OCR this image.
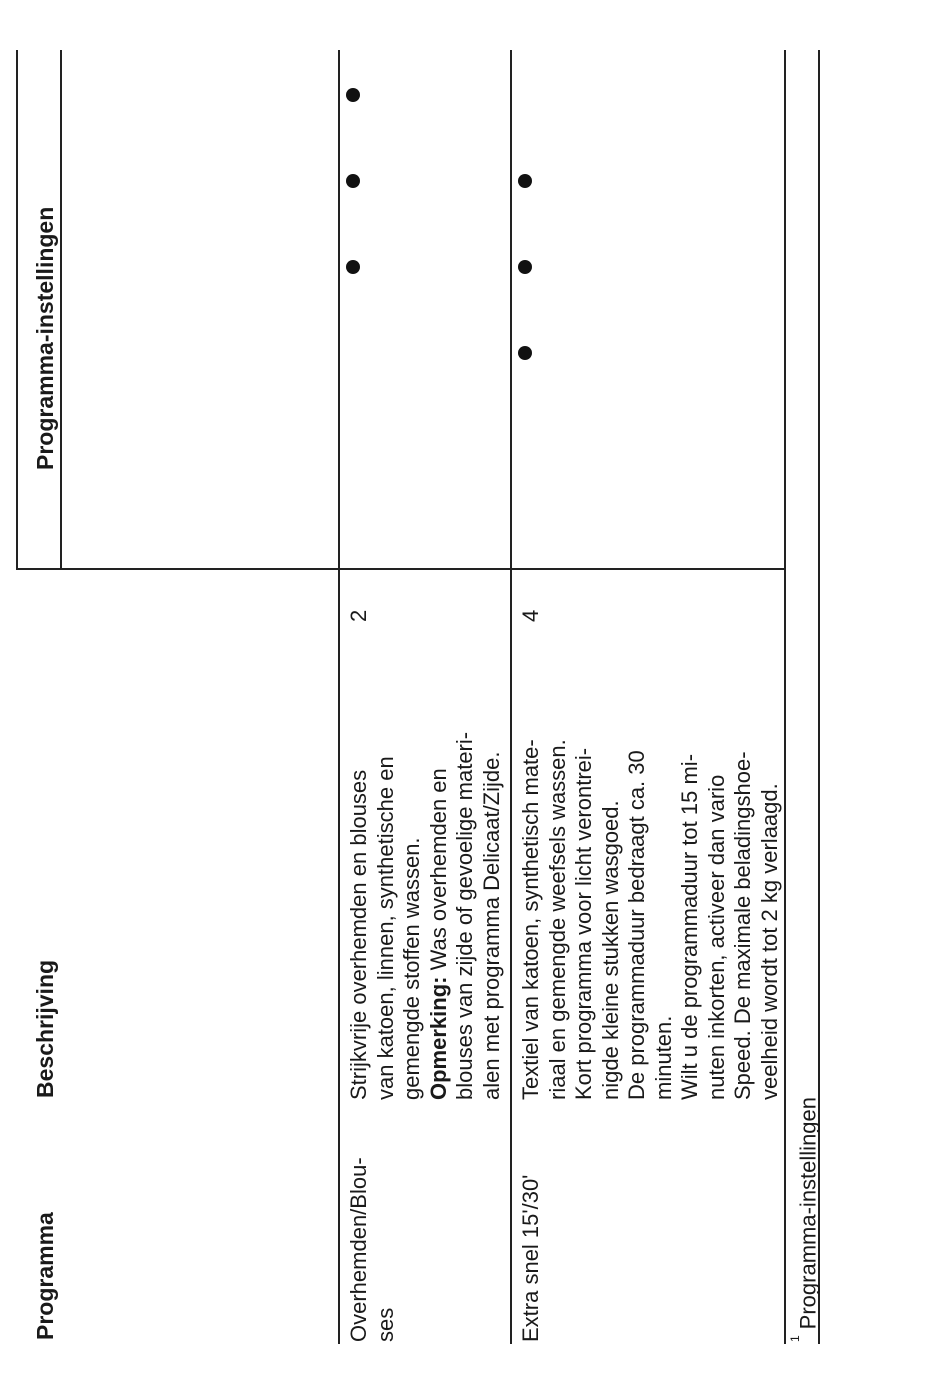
Programma
Beschrijving
Programma-instellingen
Overhemden/Blou-
ses
Strijkvrije overhemden en blouses van katoen, linnen, synthetische en gemengde stoffen wassen. Opmerking: Was overhemden en blouses van zijde of gevoelige materi- alen met programma Delicaat/Zijde.
2
Extra snel 15'/30'
Textiel van katoen, synthetisch mate- riaal en gemengde weefsels wassen. Kort programma voor licht verontrei- nigde kleine stukken wasgoed. De programmaduur bedraagt ca. 30 minuten. Wilt u de programmaduur tot 15 mi- nuten inkorten, activeer dan vario Speed. De maximale beladingshoe- veelheid wordt tot 2 kg verlaagd.
4
$^1$Programma-instellingen
